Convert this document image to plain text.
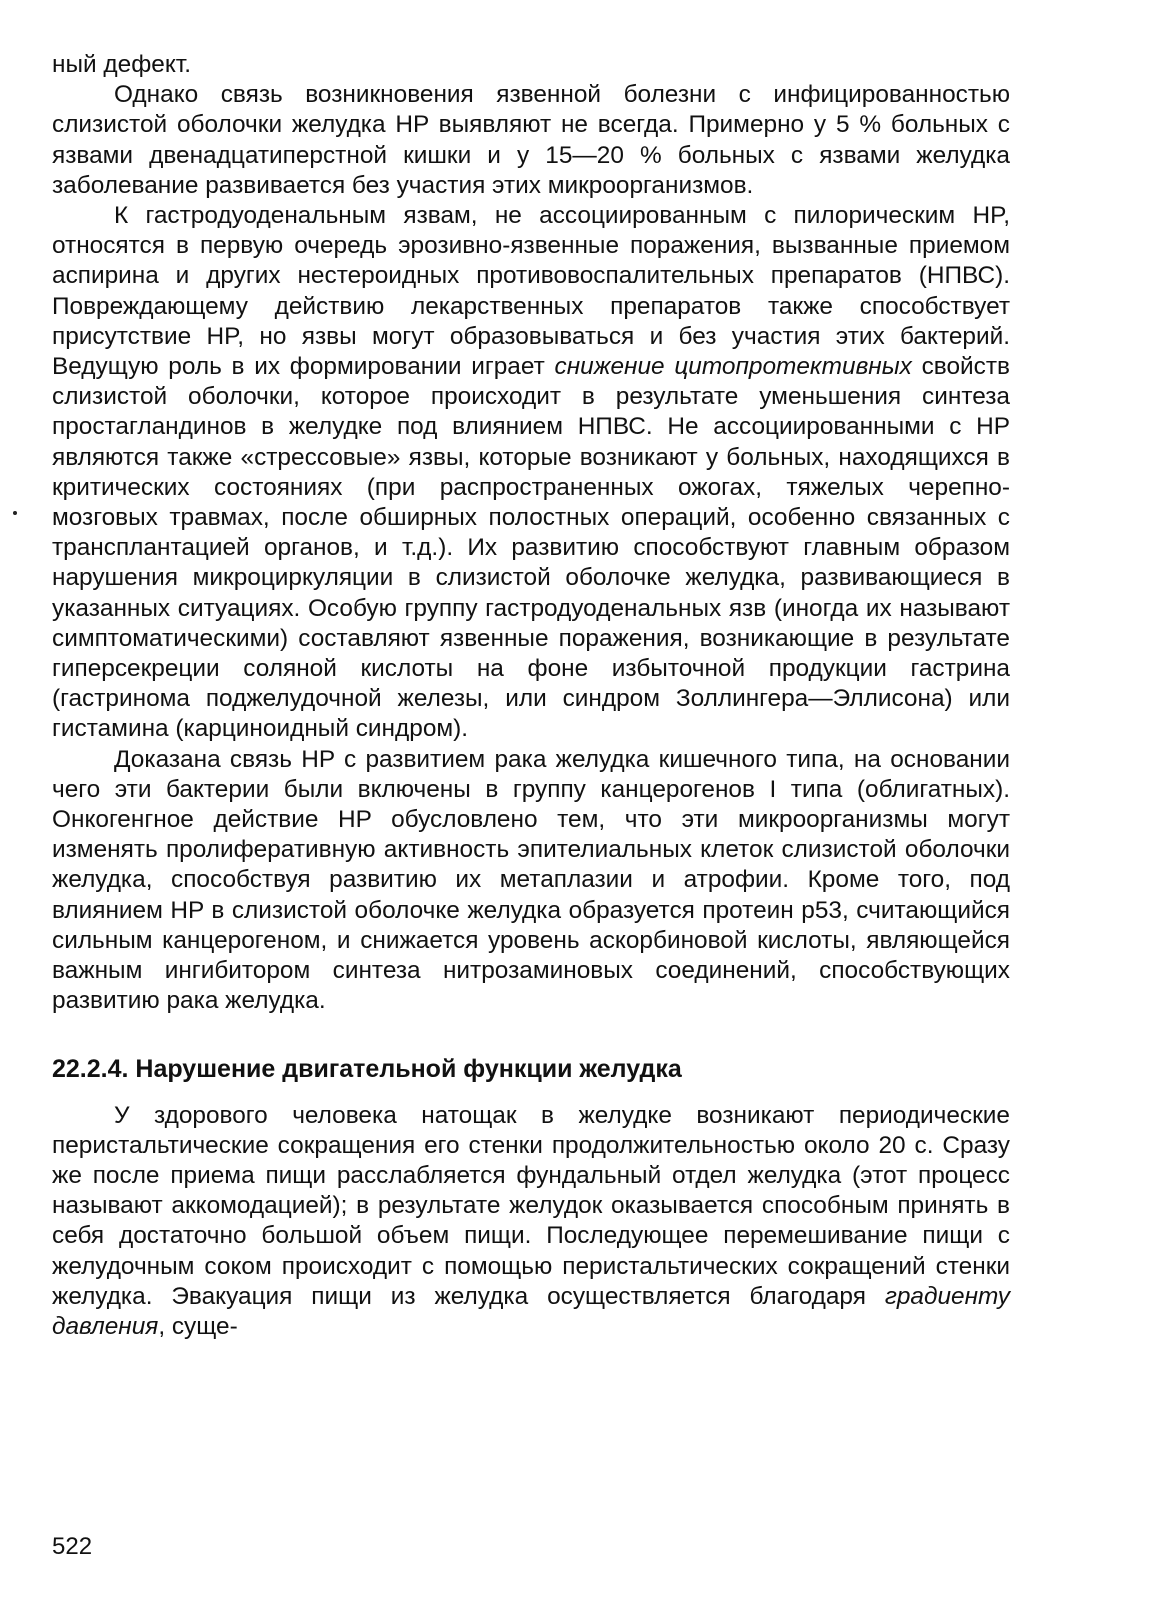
ный дефект.

Однако связь возникновения язвенной болезни с инфицированностью слизистой оболочки желудка HP выявляют не всегда. Примерно у 5 % больных с язвами двенадцатиперстной кишки и у 15—20 % больных с язвами желудка заболевание развивается без участия этих микроорганизмов.

К гастродуоденальным язвам, не ассоциированным с пилорическим HP, относятся в первую очередь эрозивно-язвенные поражения, вызванные приемом аспирина и других нестероидных противовоспалительных препаратов (НПВС). Повреждающему действию лекарственных препаратов также способствует присутствие HP, но язвы могут образовываться и без участия этих бактерий. Ведущую роль в их формировании играет снижение цитопротективных свойств слизистой оболочки, которое происходит в результате уменьшения синтеза простагландинов в желудке под влиянием НПВС. Не ассоциированными с HP являются также «стрессовые» язвы, которые возникают у больных, находящихся в критических состояниях (при распространенных ожогах, тяжелых черепно-мозговых травмах, после обширных полостных операций, особенно связанных с трансплантацией органов, и т.д.). Их развитию способствуют главным образом нарушения микроциркуляции в слизистой оболочке желудка, развивающиеся в указанных ситуациях. Особую группу гастродуоденальных язв (иногда их называют симптоматическими) составляют язвенные поражения, возникающие в результате гиперсекреции соляной кислоты на фоне избыточной продукции гастрина (гастринома поджелудочной железы, или синдром Золлингера—Эллисона) или гистамина (карциноидный синдром).

Доказана связь HP с развитием рака желудка кишечного типа, на основании чего эти бактерии были включены в группу канцерогенов I типа (облигатных). Онкогенгное действие HP обусловлено тем, что эти микроорганизмы могут изменять пролиферативную активность эпителиальных клеток слизистой оболочки желудка, способствуя развитию их метаплазии и атрофии. Кроме того, под влиянием HP в слизистой оболочке желудка образуется протеин р53, считающийся сильным канцерогеном, и снижается уровень аскорбиновой кислоты, являющейся важным ингибитором синтеза нитрозаминовых соединений, способствующих развитию рака желудка.

22.2.4. Нарушение двигательной функции желудка

У здорового человека натощак в желудке возникают периодические перистальтические сокращения его стенки продолжительностью около 20 с. Сразу же после приема пищи расслабляется фундальный отдел желудка (этот процесс называют аккомодацией); в результате желудок оказывается способным принять в себя достаточно большой объем пищи. Последующее перемешивание пищи с желудочным соком происходит с помощью перистальтических сокращений стенки желудка. Эвакуация пищи из желудка осуществляется благодаря градиенту давления, суще-

522
